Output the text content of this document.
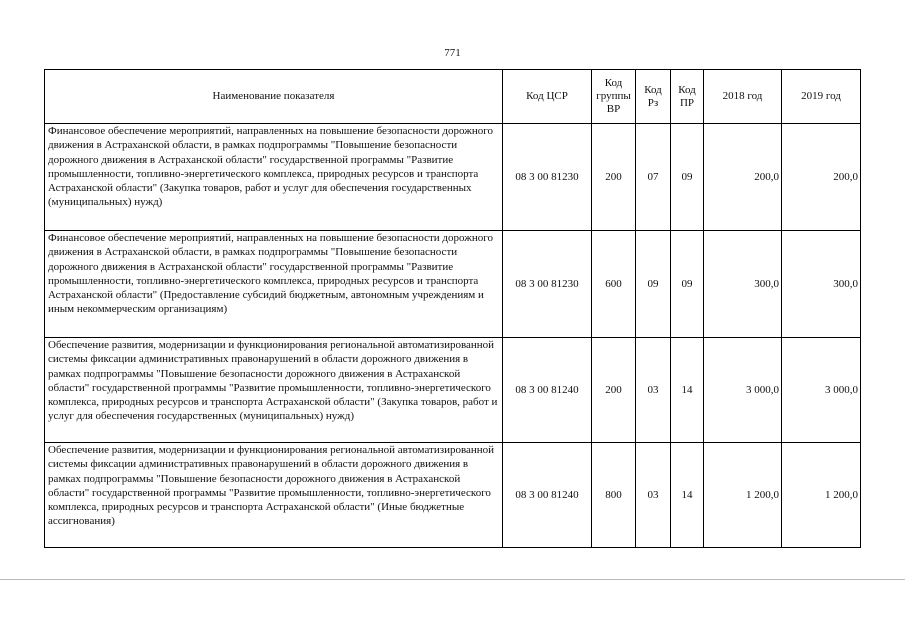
771
Наименование показателя	Код ЦСР	Код группы ВР	Код Рз	Код ПР	2018 год	2019 год
Финансовое обеспечение мероприятий, направленных на повышение безопасности дорожного движения в Астраханской области, в рамках подпрограммы "Повышение безопасности дорожного движения в Астраханской области" государственной программы "Развитие промышленности, топливно-энергетического комплекса, природных ресурсов и транспорта Астраханской области" (Закупка товаров, работ и услуг для обеспечения государственных (муниципальных) нужд)	08 3 00 81230	200	07	09	200,0	200,0
Финансовое обеспечение мероприятий, направленных на повышение безопасности дорожного движения в Астраханской области, в рамках подпрограммы "Повышение безопасности дорожного движения в Астраханской области" государственной программы "Развитие промышленности, топливно-энергетического комплекса, природных ресурсов и транспорта Астраханской области" (Предоставление субсидий бюджетным, автономным учреждениям и иным некоммерческим организациям)	08 3 00 81230	600	09	09	300,0	300,0
Обеспечение развития, модернизации и функционирования региональной автоматизированной системы фиксации административных правонарушений в области дорожного движения в рамках подпрограммы "Повышение безопасности дорожного движения в Астраханской области" государственной программы "Развитие промышленности, топливно-энергетического комплекса, природных ресурсов и транспорта Астраханской области" (Закупка товаров, работ и услуг для обеспечения государственных (муниципальных) нужд)	08 3 00 81240	200	03	14	3 000,0	3 000,0
Обеспечение развития, модернизации и функционирования региональной автоматизированной системы фиксации административных правонарушений в области дорожного движения в рамках подпрограммы "Повышение безопасности дорожного движения в Астраханской области" государственной программы "Развитие промышленности, топливно-энергетического комплекса, природных ресурсов и транспорта Астраханской области" (Иные бюджетные ассигнования)	08 3 00 81240	800	03	14	1 200,0	1 200,0
